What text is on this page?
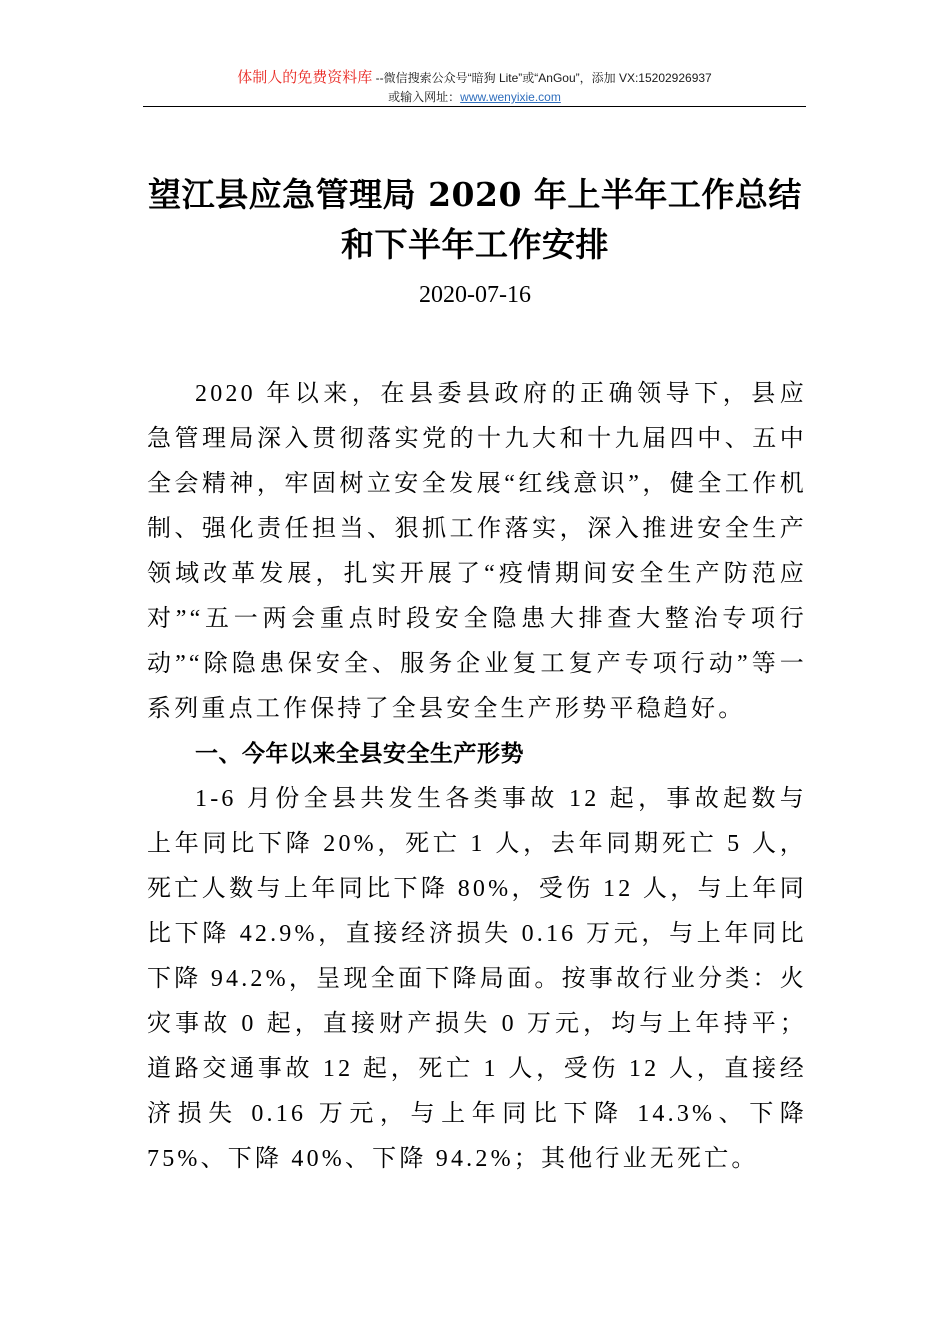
体制人的免费资料库 --微信搜索公众号“暗狗 Lite”或“AnGou”，添加 VX:15202926937
或输入网址：www.wenyixie.com
望江县应急管理局 2020 年上半年工作总结
和下半年工作安排
2020-07-16

2020 年以来，在县委县政府的正确领导下，县应急管理局深入贯彻落实党的十九大和十九届四中、五中全会精神，牢固树立安全发展“红线意识”，健全工作机制、强化责任担当、狠抓工作落实，深入推进安全生产领域改革发展，扎实开展了“疫情期间安全生产防范应对”“五一两会重点时段安全隐患大排查大整治专项行动”“除隐患保安全、服务企业复工复产专项行动”等一系列重点工作保持了全县安全生产形势平稳趋好。

一、今年以来全县安全生产形势

1-6 月份全县共发生各类事故 12 起，事故起数与上年同比下降 20%，死亡 1 人，去年同期死亡 5 人，死亡人数与上年同比下降 80%，受伤 12 人，与上年同比下降 42.9%，直接经济损失 0.16 万元，与上年同比下降 94.2%，呈现全面下降局面。按事故行业分类：火灾事故 0 起，直接财产损失 0 万元，均与上年持平；道路交通事故 12 起，死亡 1 人，受伤 12 人，直接经济损失 0.16 万元，与上年同比下降 14.3%、下降 75%、下降 40%、下降 94.2%；其他行业无死亡。
